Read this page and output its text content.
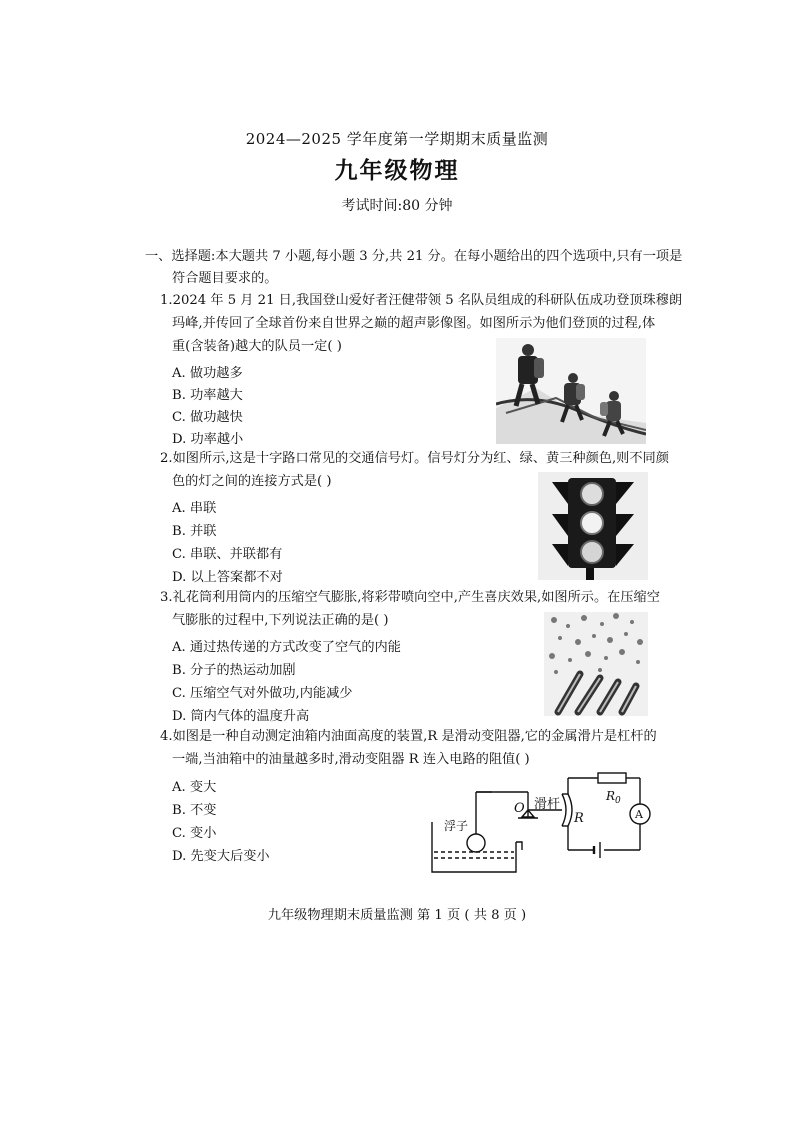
2024—2025 学年度第一学期期末质量监测
九年级物理
考试时间:80 分钟
一、选择题:本大题共 7 小题,每小题 3 分,共 21 分。在每小题给出的四个选项中,只有一项是
符合题目要求的。
1.2024 年 5 月 21 日,我国登山爱好者汪健带领 5 名队员组成的科研队伍成功登顶珠穆朗
玛峰,并传回了全球首份来自世界之巅的超声影像图。如图所示为他们登顶的过程,体
重(含装备)越大的队员一定( )
A. 做功越多
B. 功率越大
C. 做功越快
D. 功率越小
2.如图所示,这是十字路口常见的交通信号灯。信号灯分为红、绿、黄三种颜色,则不同颜
色的灯之间的连接方式是( )
A. 串联
B. 并联
C. 串联、并联都有
D. 以上答案都不对
3.礼花筒利用筒内的压缩空气膨胀,将彩带喷向空中,产生喜庆效果,如图所示。在压缩空
气膨胀的过程中,下列说法正确的是( )
A. 通过热传递的方式改变了空气的内能
B. 分子的热运动加剧
C. 压缩空气对外做功,内能减少
D. 筒内气体的温度升高
4.如图是一种自动测定油箱内油面高度的装置,R 是滑动变阻器,它的金属滑片是杠杆的
一端,当油箱中的油量越多时,滑动变阻器 R 连入电路的阻值( )
A. 变大
B. 不变
C. 变小
D. 先变大后变小
浮子
O 滑杆
R
$R_0$
A
九年级物理期末质量监测 第 1 页 ( 共 8 页 )
